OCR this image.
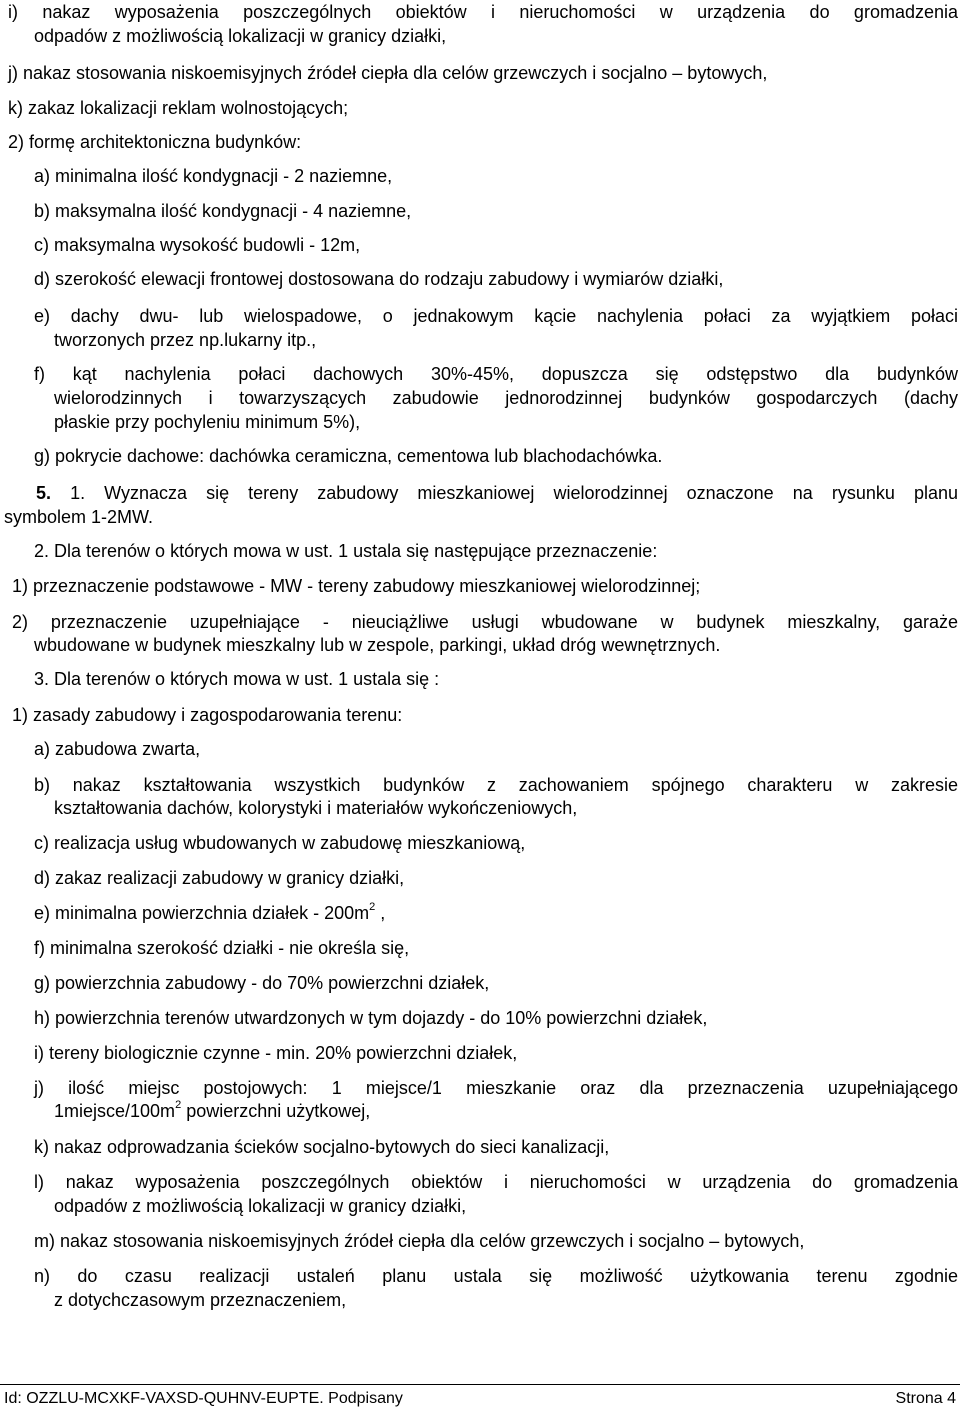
i) nakaz wyposażenia poszczególnych obiektów i nieruchomości w urządzenia do gromadzenia
odpadów z możliwością lokalizacji w granicy działki,
j) nakaz stosowania niskoemisyjnych źródeł ciepła dla celów grzewczych i socjalno – bytowych,
k) zakaz lokalizacji reklam wolnostojących;
2) formę architektoniczna budynków:
a) minimalna ilość kondygnacji - 2 naziemne,
b) maksymalna ilość kondygnacji - 4 naziemne,
c) maksymalna wysokość budowli - 12m,
d) szerokość elewacji frontowej dostosowana do rodzaju zabudowy i wymiarów działki,
e) dachy dwu- lub wielospadowe, o jednakowym kącie nachylenia połaci za wyjątkiem połaci
tworzonych przez np.lukarny itp.,
f) kąt nachylenia połaci dachowych 30%-45%, dopuszcza się odstępstwo dla budynków
wielorodzinnych i towarzyszących zabudowie jednorodzinnej budynków gospodarczych (dachy
płaskie przy pochyleniu minimum 5%),
g) pokrycie dachowe: dachówka ceramiczna, cementowa lub blachodachówka.
5. 1. Wyznacza się tereny zabudowy mieszkaniowej wielorodzinnej oznaczone na rysunku planu
symbolem 1-2MW.
2. Dla terenów o których mowa w ust. 1 ustala się następujące przeznaczenie:
1) przeznaczenie podstawowe - MW - tereny zabudowy mieszkaniowej wielorodzinnej;
2) przeznaczenie uzupełniające - nieuciążliwe usługi wbudowane w budynek mieszkalny, garaże
wbudowane w budynek mieszkalny lub w zespole, parkingi, układ dróg wewnętrznych.
3. Dla terenów o których mowa w ust. 1 ustala się :
1) zasady zabudowy i zagospodarowania terenu:
a) zabudowa zwarta,
b) nakaz kształtowania wszystkich budynków z zachowaniem spójnego charakteru w zakresie
kształtowania dachów, kolorystyki i materiałów wykończeniowych,
c) realizacja usług wbudowanych w zabudowę mieszkaniową,
d) zakaz realizacji zabudowy w granicy działki,
e) minimalna powierzchnia działek - $200m^2$ ,
f) minimalna szerokość działki - nie określa się,
g) powierzchnia zabudowy - do 70% powierzchni działek,
h) powierzchnia terenów utwardzonych w tym dojazdy - do 10% powierzchni działek,
i) tereny biologicznie czynne - min. 20% powierzchni działek,
j) ilość miejsc postojowych: 1 miejsce/1 mieszkanie oraz dla przeznaczenia uzupełniającego
$1miejsce/100m^2$ powierzchni użytkowej,
k) nakaz odprowadzania ścieków socjalno-bytowych do sieci kanalizacji,
l) nakaz wyposażenia poszczególnych obiektów i nieruchomości w urządzenia do gromadzenia
odpadów z możliwością lokalizacji w granicy działki,
m) nakaz stosowania niskoemisyjnych źródeł ciepła dla celów grzewczych i socjalno – bytowych,
n) do czasu realizacji ustaleń planu ustala się możliwość użytkowania terenu zgodnie
z dotychczasowym przeznaczeniem,
Id: OZZLU-MCXKF-VAXSD-QUHNV-EUPTE. Podpisany	Strona 4
